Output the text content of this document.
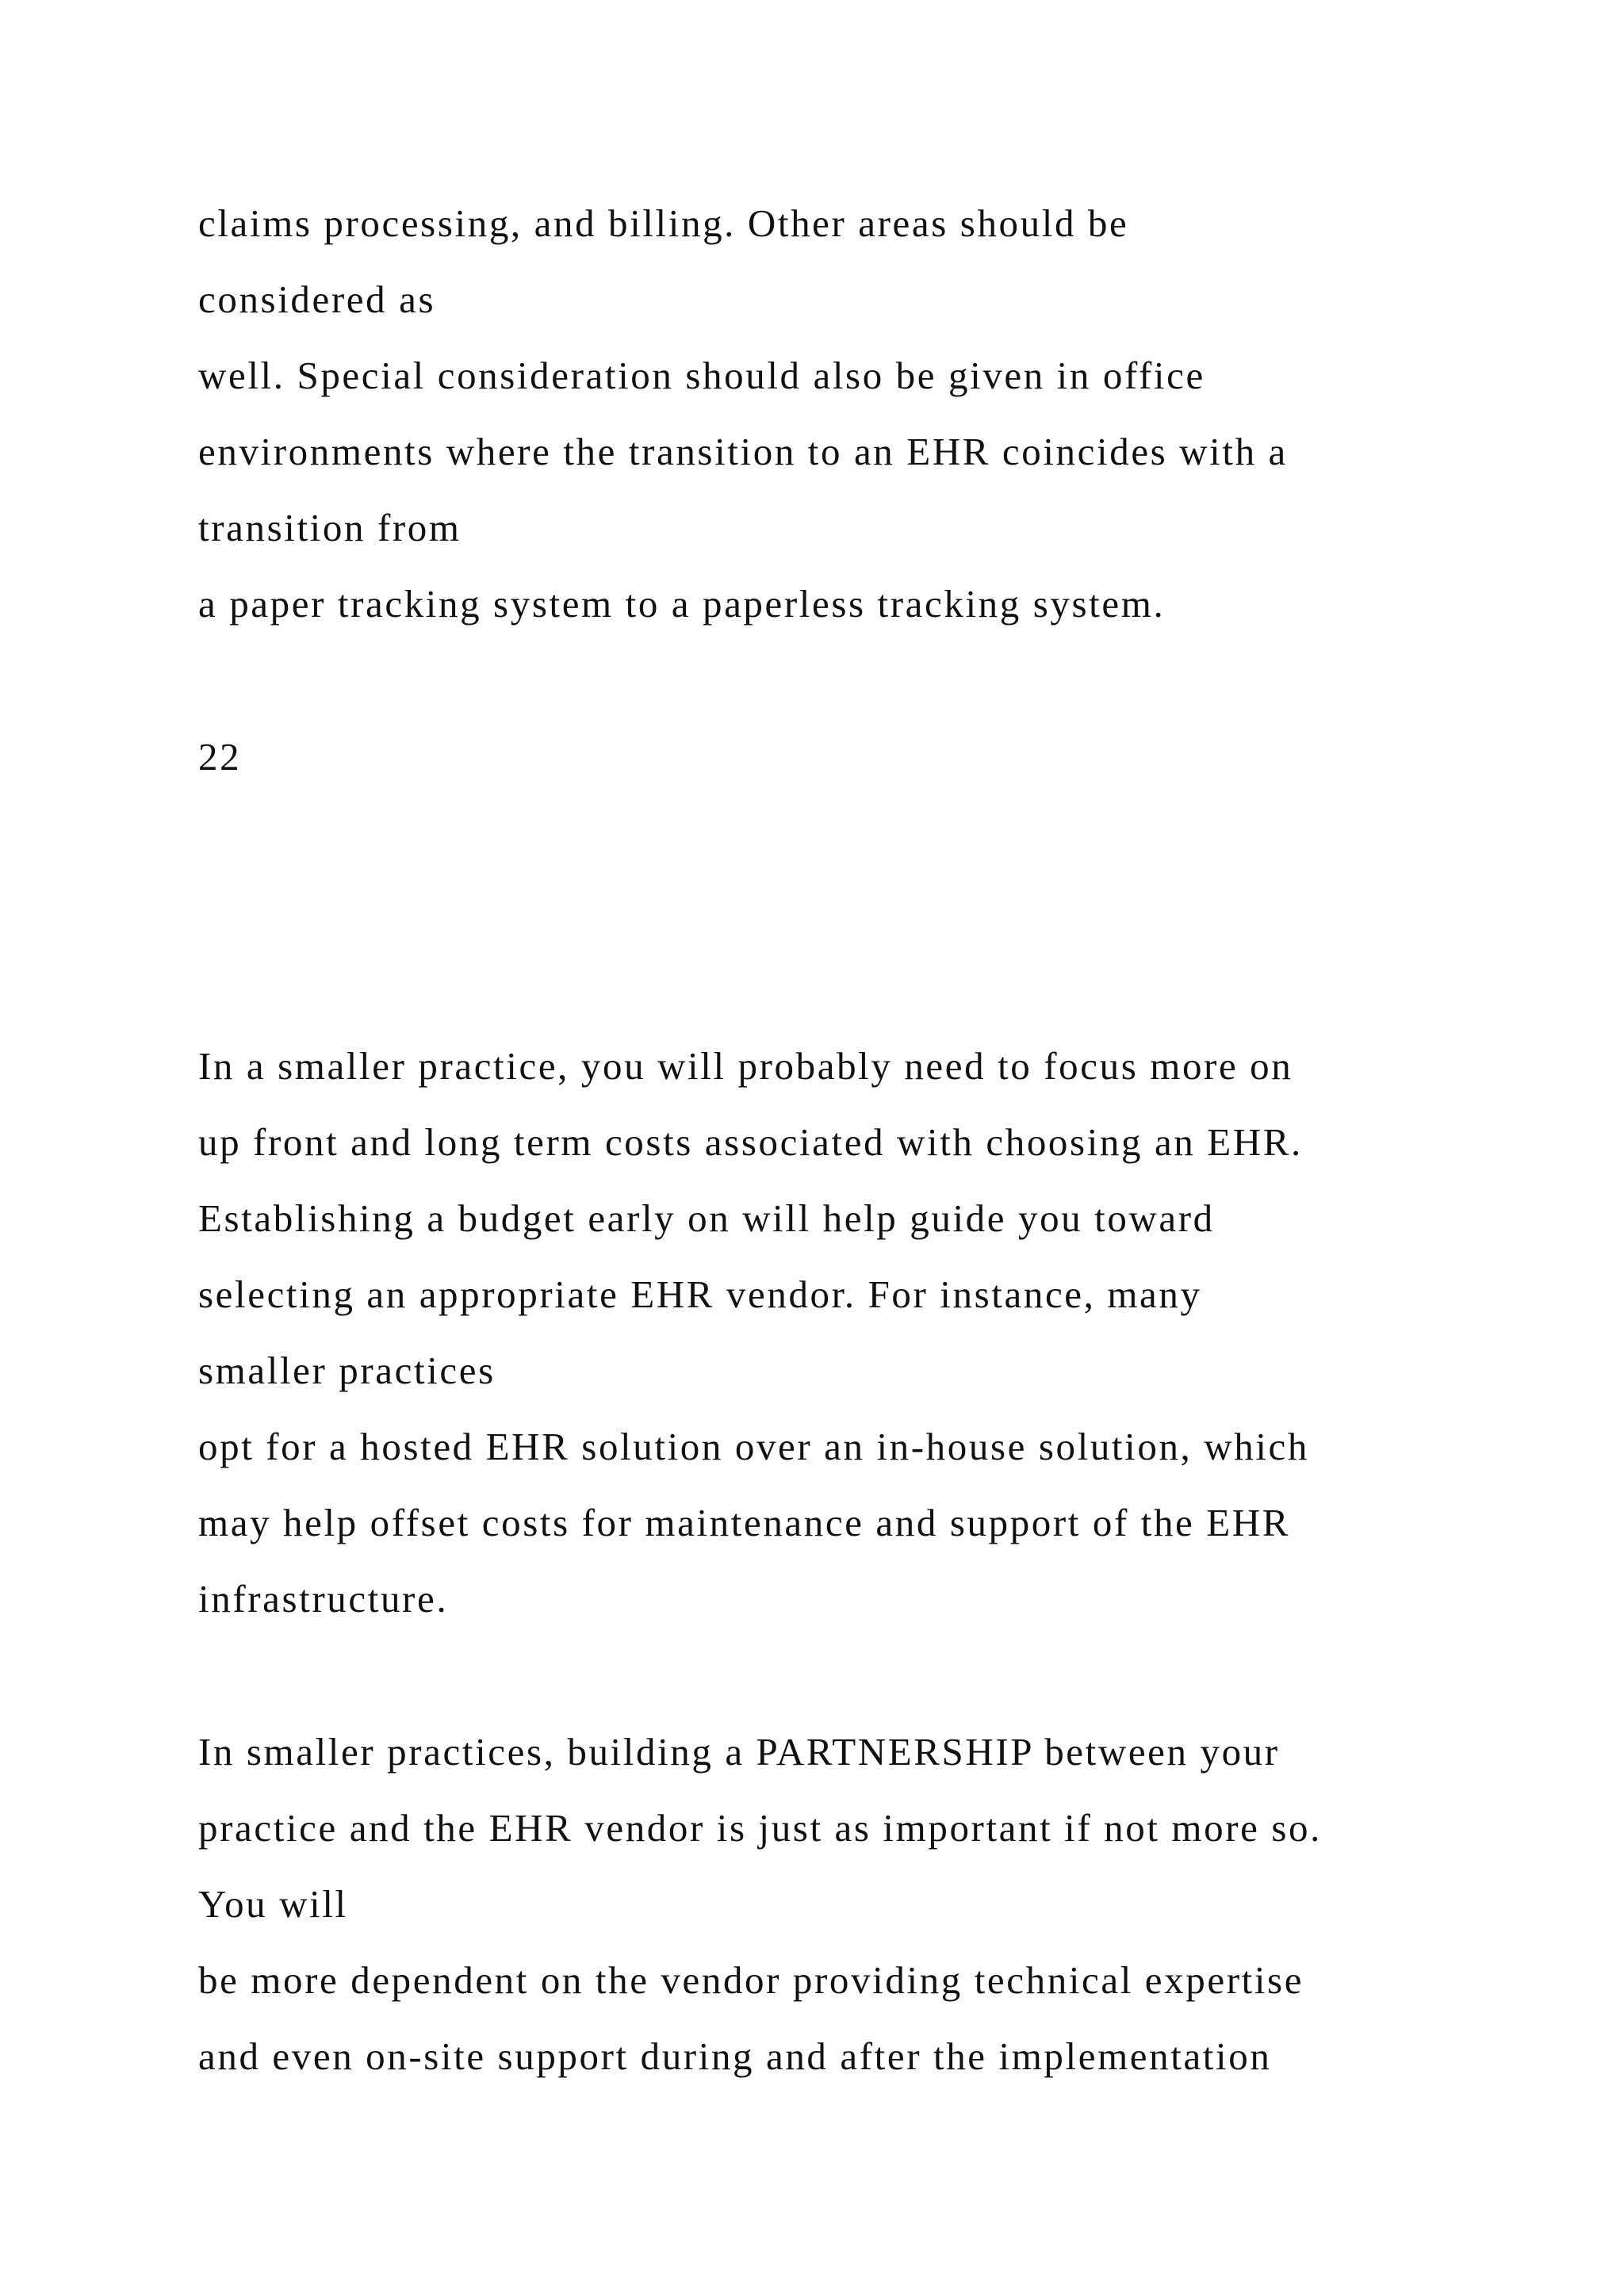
claims processing, and billing. Other areas should be
considered as
well. Special consideration should also be given in office
environments where the transition to an EHR coincides with a
transition from
a paper tracking system to a paperless tracking system.
22
In a smaller practice, you will probably need to focus more on
up front and long term costs associated with choosing an EHR.
Establishing a budget early on will help guide you toward
selecting an appropriate EHR vendor. For instance, many
smaller practices
opt for a hosted EHR solution over an in-house solution, which
may help offset costs for maintenance and support of the EHR
infrastructure.
In smaller practices, building a PARTNERSHIP between your
practice and the EHR vendor is just as important if not more so.
You will
be more dependent on the vendor providing technical expertise
and even on-site support during and after the implementation
